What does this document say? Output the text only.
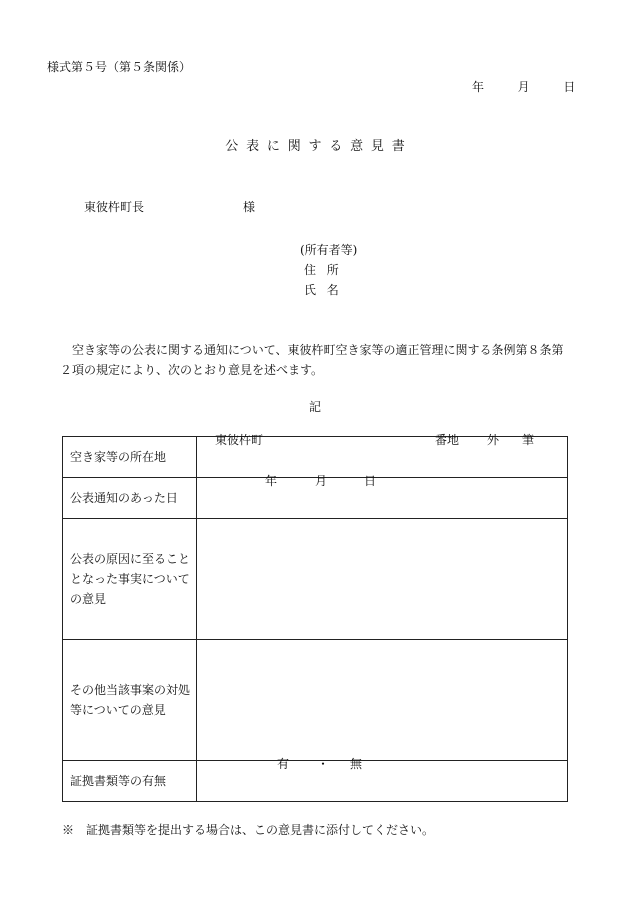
様式第５号（第５条関係）
年	月	日
公表に関する意見書
東彼杵町長	様
(所有者等)
住所
氏名
空き家等の公表に関する通知について、東彼杵町空き家等の適正管理に関する条例第８条第２項の規定により、次のとおり意見を述べます。
記
空き家等の所在地	東彼杵町 番地 外 筆

公表通知のあった日	年 月 日

公表の原因に至ることとなった事実についての意見	
その他当該事案の対処等についての意見	
証拠書類等の有無	有 ・ 無
※　証拠書類等を提出する場合は、この意見書に添付してください。
